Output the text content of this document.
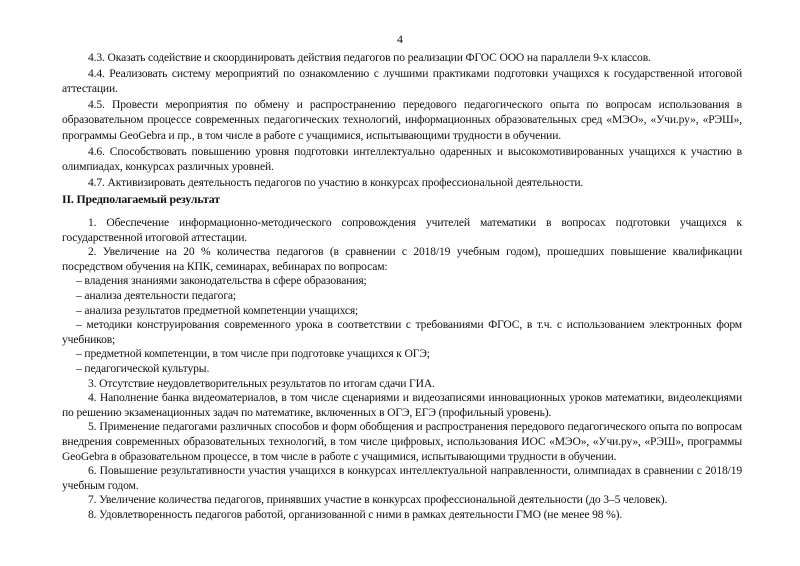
4

4.3. Оказать содействие и скоординировать действия педагогов по реализации ФГОС ООО на параллели 9-х классов.

4.4. Реализовать систему мероприятий по ознакомлению с лучшими практиками подготовки учащихся к государственной итоговой аттестации.

4.5. Провести мероприятия по обмену и распространению передового педагогического опыта по вопросам использования в образовательном процессе современных педагогических технологий, информационных образовательных сред «МЭО», «Учи.ру», «РЭШ», программы GeoGebra и пр., в том числе в работе с учащимися, испытывающими трудности в обучении.

4.6. Способствовать повышению уровня подготовки интеллектуально одаренных и высокомотивированных учащихся к участию в олимпиадах, конкурсах различных уровней.

4.7. Активизировать деятельность педагогов по участию в конкурсах профессиональной деятельности.

II. Предполагаемый результат

1. Обеспечение информационно-методического сопровождения учителей математики в вопросах подготовки учащихся к государственной итоговой аттестации.

2. Увеличение на 20 % количества педагогов (в сравнении с 2018/19 учебным годом), прошедших повышение квалификации посредством обучения на КПК, семинарах, вебинарах по вопросам:

– владения знаниями законодательства в сфере образования;

– анализа деятельности педагога;

– анализа результатов предметной компетенции учащихся;

– методики конструирования современного урока в соответствии с требованиями ФГОС, в т.ч. с использованием электронных форм учебников;

– предметной компетенции, в том числе при подготовке учащихся к ОГЭ;

– педагогической культуры.

3. Отсутствие неудовлетворительных результатов по итогам сдачи ГИА.

4. Наполнение банка видеоматериалов, в том числе сценариями и видеозаписями инновационных уроков математики, видеолекциями по решению экзаменационных задач по математике, включенных в ОГЭ, ЕГЭ (профильный уровень).

5. Применение педагогами различных способов и форм обобщения и распространения передового педагогического опыта по вопросам внедрения современных образовательных технологий, в том числе цифровых, использования ИОС «МЭО», «Учи.ру», «РЭШ», программы GeoGebra в образовательном процессе, в том числе в работе с учащимися, испытывающими трудности в обучении.

6. Повышение результативности участия учащихся в конкурсах интеллектуальной направленности, олимпиадах в сравнении с 2018/19 учебным годом.

7. Увеличение количества педагогов, принявших участие в конкурсах профессиональной деятельности (до 3–5 человек).

8. Удовлетворенность педагогов работой, организованной с ними в рамках деятельности ГМО (не менее 98 %).
